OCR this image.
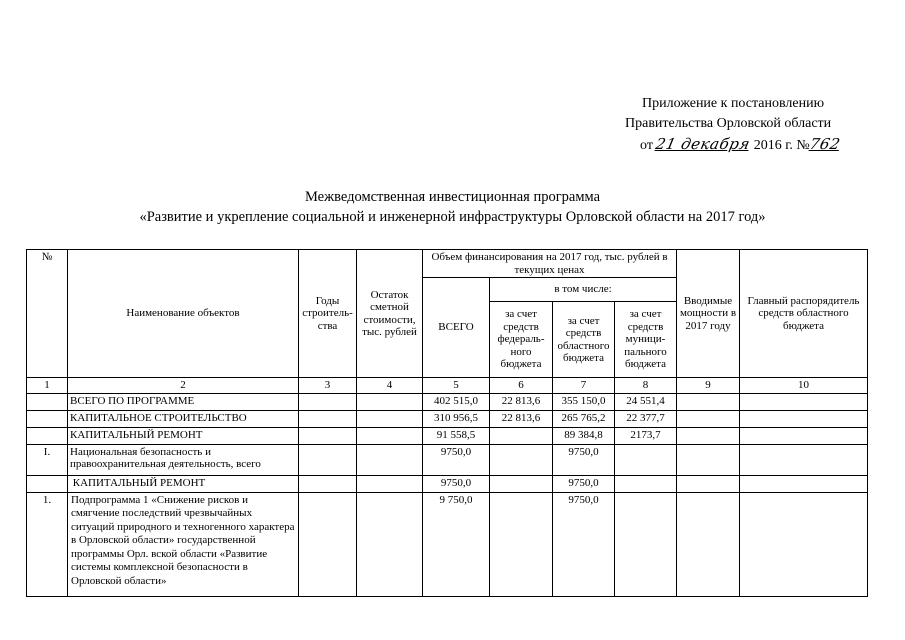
Приложение к постановлению
Правительства Орловской области
от 21 декабря 2016 г. №762
Межведомственная инвестиционная программа
«Развитие и укрепление социальной и инженерной инфраструктуры Орловской области на 2017 год»
№	Наименование объектов	Годы строитель-ства	Остаток сметной стоимости, тыс. рублей	Объем финансирования на 2017 год, тыс. рублей в текущих ценах				Вводимые мощности в 2017 году	Главный распорядитель средств областного бюджета
				ВСЕГО	в том числе:				
					за счет средств федераль-ного бюджета	за счет средств областного бюджета	за счет средств муници-пального бюджета		
1	2	3	4	5	6	7	8	9	10
	ВСЕГО ПО ПРОГРАММЕ			402 515,0	22 813,6	355 150,0	24 551,4		
	КАПИТАЛЬНОЕ СТРОИТЕЛЬСТВО			310 956,5	22 813,6	265 765,2	22 377,7		
	КАПИТАЛЬНЫЙ РЕМОНТ			91 558,5		89 384,8	2173,7		
I.	Национальная безопасность и правоохранительная деятельность, всего			9750,0		9750,0			
	КАПИТАЛЬНЫЙ РЕМОНТ			9750,0		9750,0			
1.	Подпрограмма 1 «Снижение рисков и смягчение последствий чрезвычайных ситуаций природного и техногенного характера в Орловской области» государственной программы Орл. вской области «Развитие системы комплексной безопасности в Орловской области»			9 750,0		9750,0			
